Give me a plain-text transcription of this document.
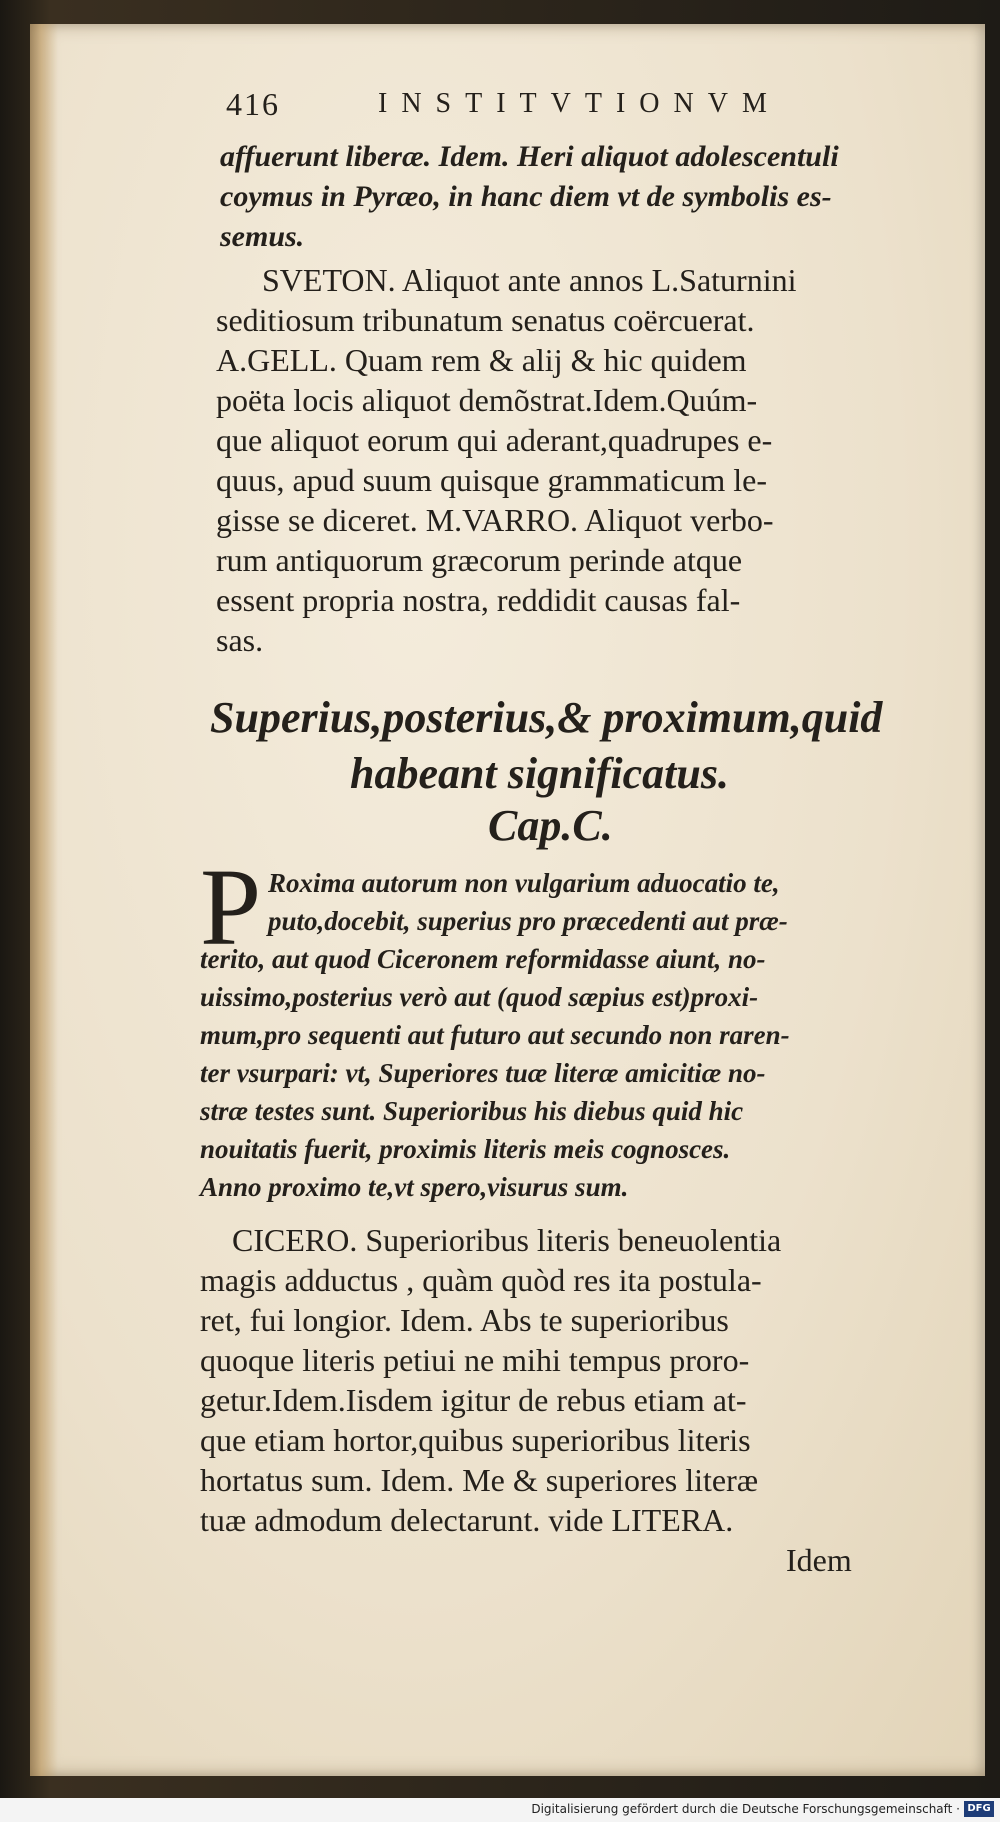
416	INSTITVTIONVM
affuerunt liberæ. Idem. Heri aliquot adolescentuli
coymus in Pyræo, in hanc diem vt de symbolis es-
semus.
SVETON. Aliquot ante annos L.Saturnini
seditiosum tribunatum senatus coërcuerat.
A.GELL. Quam rem & alij & hic quidem
poëta locis aliquot demõstrat.Idem.Quúm-
que aliquot eorum qui aderant,quadrupes e-
quus, apud suum quisque grammaticum le-
gisse se diceret. M.VARRO. Aliquot verbo-
rum antiquorum græcorum perinde atque
essent propria nostra, reddidit causas fal-
sas.
Superius,posterius,& proximum,quid
habeant significatus.
Cap.C.
P Roxima autorum non vulgarium aduocatio te,
puto,docebit, superius pro præcedenti aut præ-
terito, aut quod Ciceronem reformidasse aiunt, no-
uissimo,posterius verò aut (quod sæpius est)proxi-
mum,pro sequenti aut futuro aut secundo non raren-
ter vsurpari: vt, Superiores tuæ literæ amicitiæ no-
stræ testes sunt. Superioribus his diebus quid hic
nouitatis fuerit, proximis literis meis cognosces.
Anno proximo te,vt spero,visurus sum.
CICERO. Superioribus literis beneuolentia
magis adductus , quàm quòd res ita postula-
ret, fui longior. Idem. Abs te superioribus
quoque literis petiui ne mihi tempus proro-
getur.Idem.Iisdem igitur de rebus etiam at-
que etiam hortor,quibus superioribus literis
hortatus sum. Idem. Me & superiores literæ
tuæ admodum delectarunt. vide LITERA.
Idem
Digitalisierung gefördert durch die Deutsche Forschungsgemeinschaft · DFG
